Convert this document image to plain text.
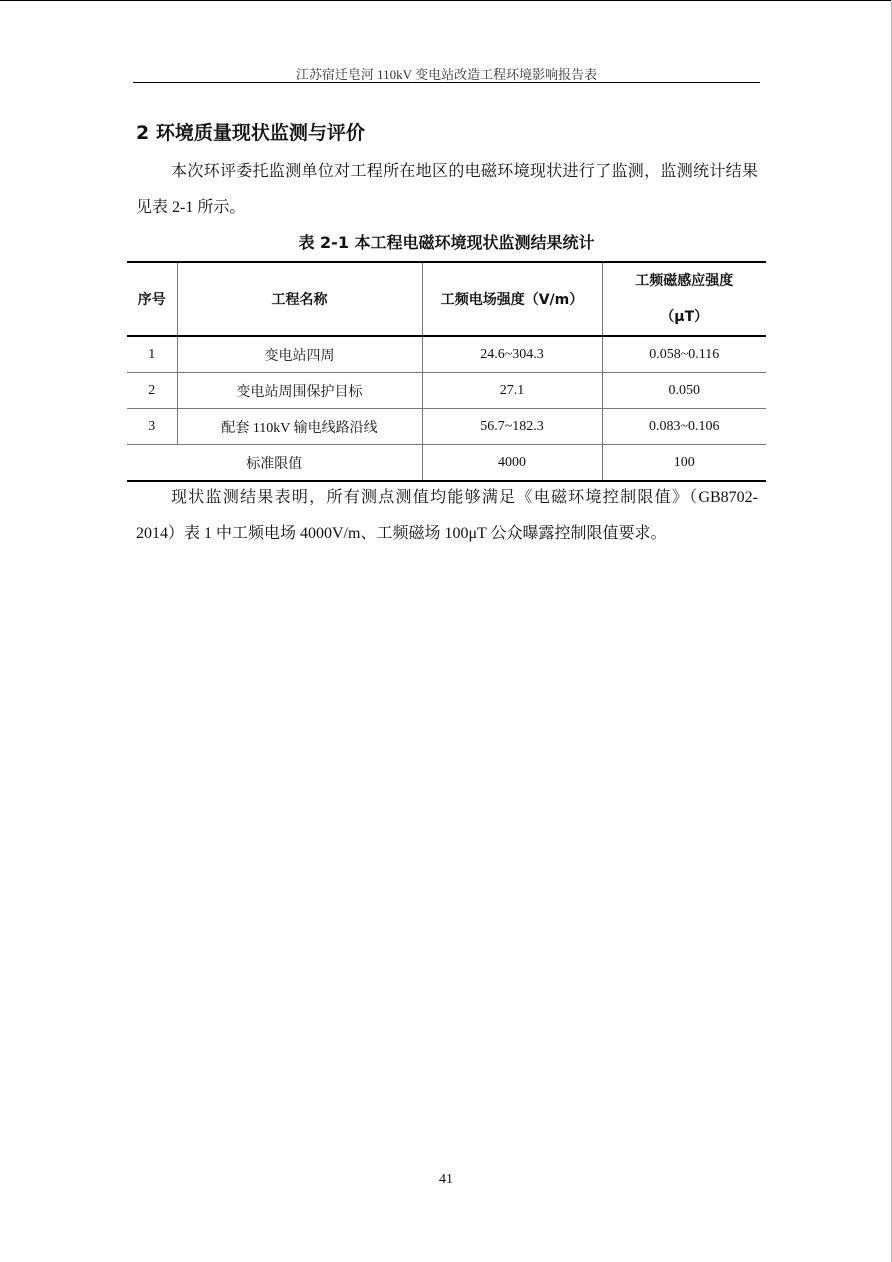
江苏宿迁皂河 110kV 变电站改造工程环境影响报告表
2 环境质量现状监测与评价
本次环评委托监测单位对工程所在地区的电磁环境现状进行了监测，监测统计结果见表 2-1 所示。
表 2-1 本工程电磁环境现状监测结果统计
序号	工程名称	工频电场强度（V/m）	工频磁感应强度
（μT）

1	变电站四周	24.6~304.3	0.058~0.116
2	变电站周围保护目标	27.1	0.050
3	配套 110kV 输电线路沿线	56.7~182.3	0.083~0.106
标准限值		4000	100
现状监测结果表明，所有测点测值均能够满足《电磁环境控制限值》（GB8702-2014）表 1 中工频电场 4000V/m、工频磁场 100μT 公众曝露控制限值要求。
41
